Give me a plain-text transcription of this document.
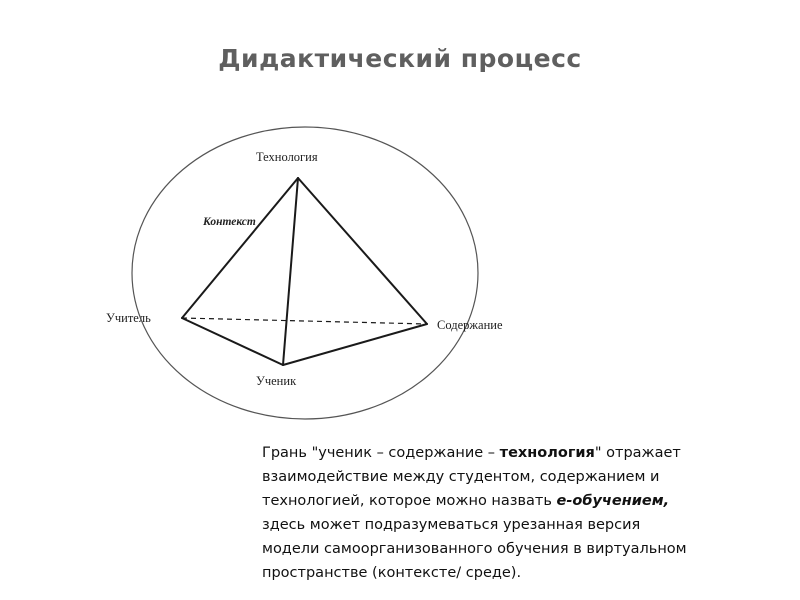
Дидактический процесс
Технология
Учитель	Содержание
Ученик
Контекст

Грань "ученик – содержание – технология" отражает

взаимодействие между студентом, содержанием и

технологией, которое можно назвать е-обучением,

здесь может подразумеваться урезанная версия

модели самоорганизованного обучения в виртуальном

пространстве (контексте/ среде).
